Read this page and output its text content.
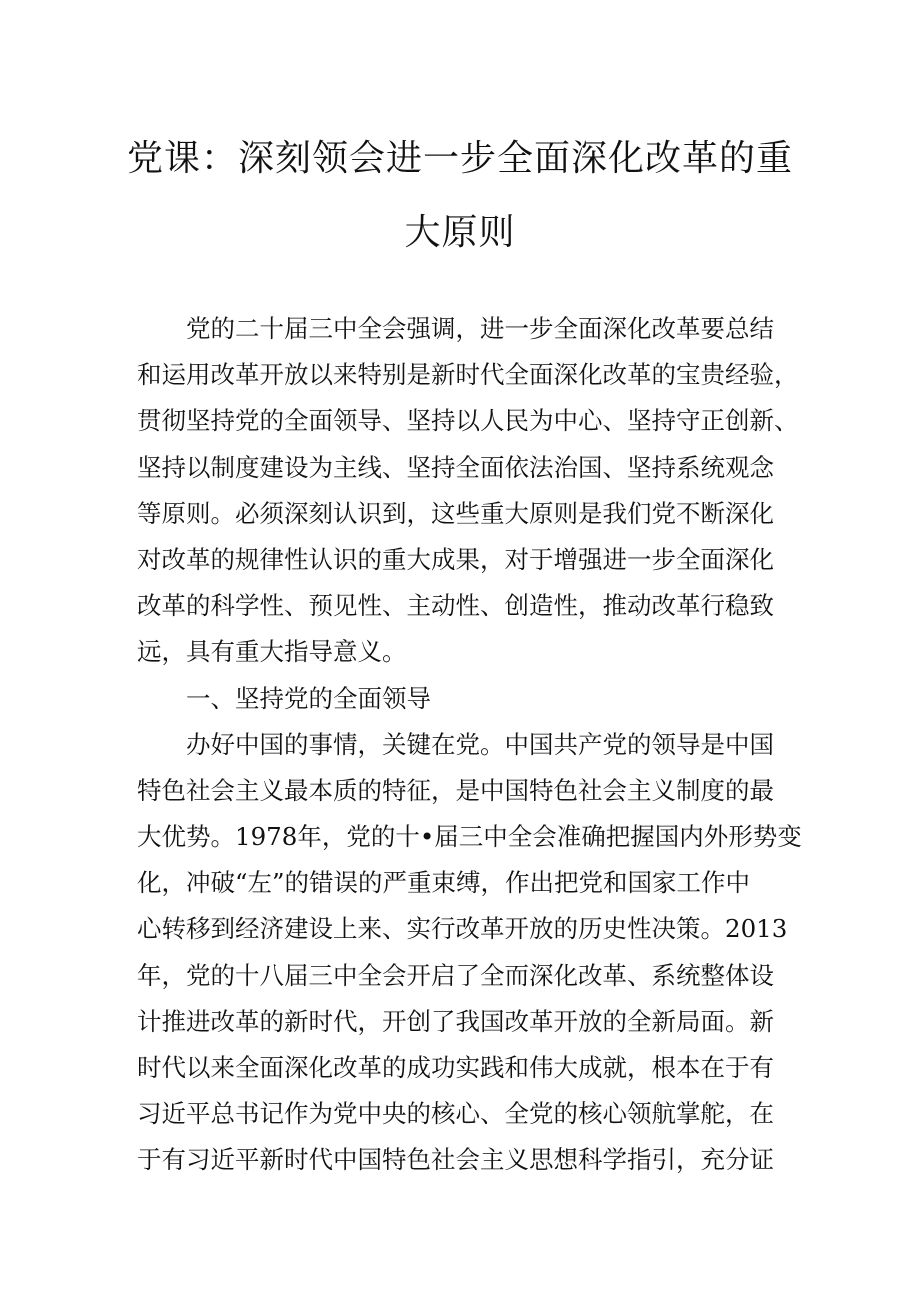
党课：深刻领会进一步全面深化改革的重
大原则
　　党的二十届三中全会强调，进一步全面深化改革要总结
和运用改革开放以来特别是新时代全面深化改革的宝贵经验，
贯彻坚持党的全面领导、坚持以人民为中心、坚持守正创新、
坚持以制度建设为主线、坚持全面依法治国、坚持系统观念
等原则。必须深刻认识到，这些重大原则是我们党不断深化
对改革的规律性认识的重大成果，对于增强进一步全面深化
改革的科学性、预见性、主动性、创造性，推动改革行稳致
远，具有重大指导意义。
　　一、坚持党的全面领导
　　办好中国的事情，关键在党。中国共产党的领导是中国
特色社会主义最本质的特征，是中国特色社会主义制度的最
大优势。1978年，党的十•届三中全会准确把握国内外形势变
化，冲破“左”的错误的严重束缚，作出把党和国家工作中
心转移到经济建设上来、实行改革开放的历史性决策。2013
年，党的十八届三中全会开启了全而深化改革、系统整体设
计推进改革的新时代，开创了我国改革开放的全新局面。新
时代以来全面深化改革的成功实践和伟大成就，根本在于有
习近平总书记作为党中央的核心、全党的核心领航掌舵，在
于有习近平新时代中国特色社会主义思想科学指引，充分证
